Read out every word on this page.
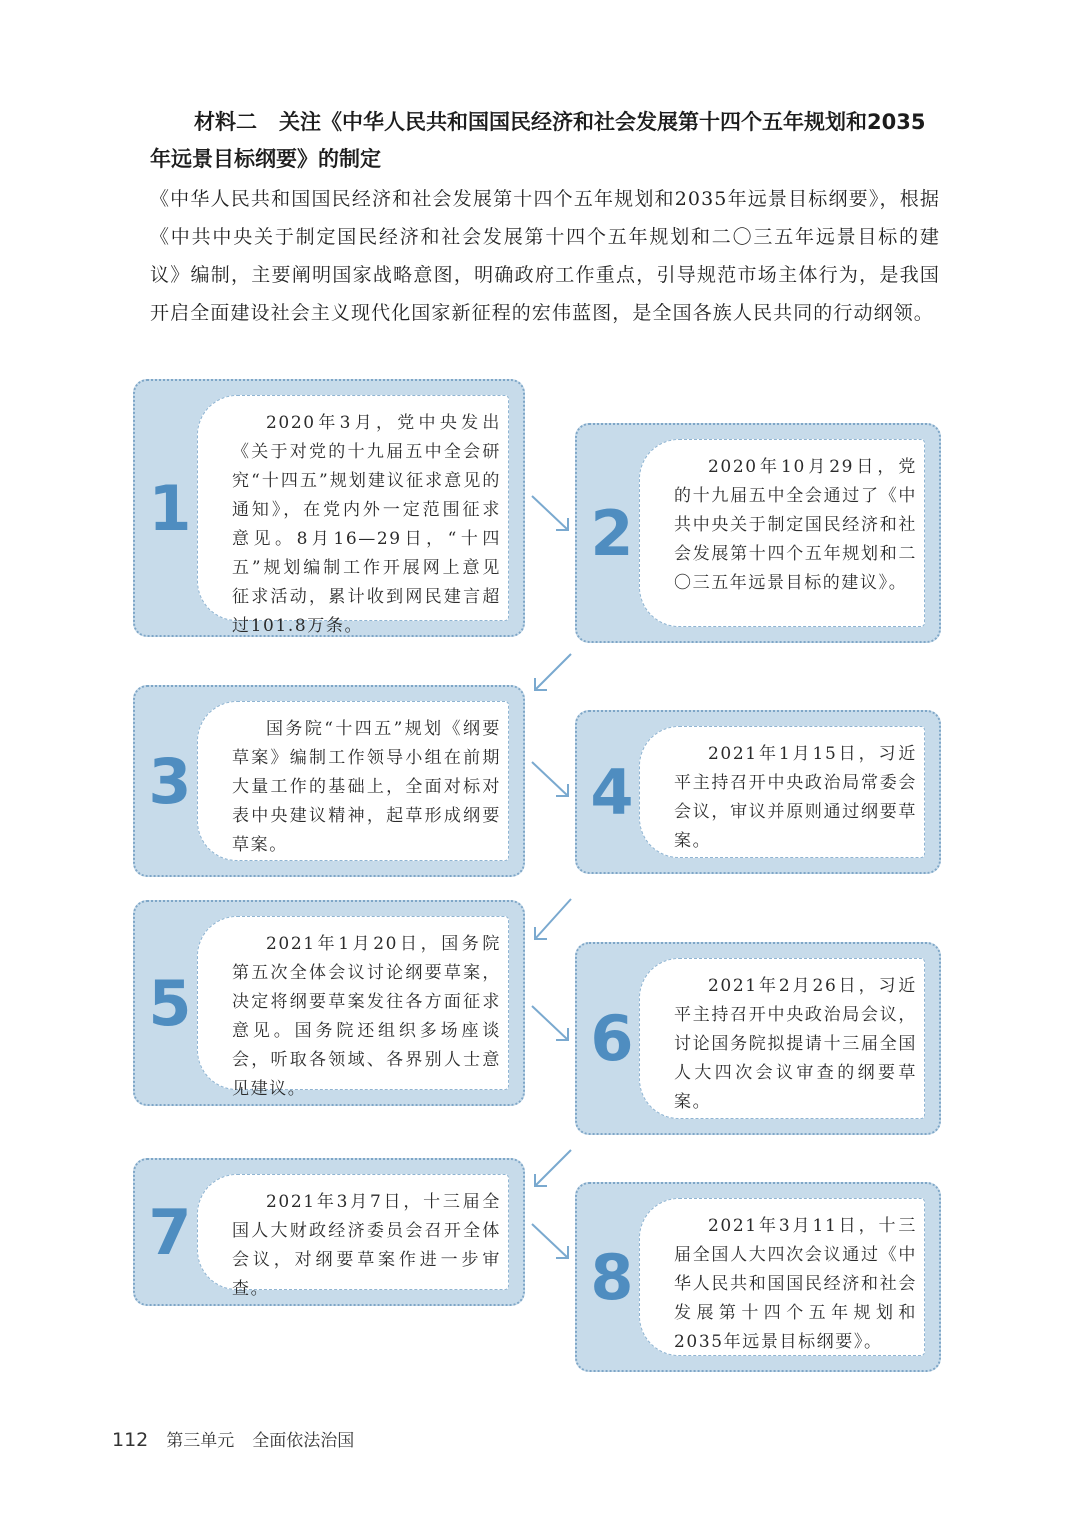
材料二 关注《中华人民共和国国民经济和社会发展第十四个五年规划和2035年远景目标纲要》的制定
《中华人民共和国国民经济和社会发展第十四个五年规划和2035年远景目标纲要》，根据《中共中央关于制定国民经济和社会发展第十四个五年规划和二〇三五年远景目标的建议》编制，主要阐明国家战略意图，明确政府工作重点，引导规范市场主体行为，是我国开启全面建设社会主义现代化国家新征程的宏伟蓝图，是全国各族人民共同的行动纲领。
1
2020年3月，党中央发出《关于对党的十九届五中全会研究“十四五”规划建议征求意见的通知》，在党内外一定范围征求意见。8月16—29日，“十四五”规划编制工作开展网上意见征求活动，累计收到网民建言超过101.8万条。
2
2020年10月29日，党的十九届五中全会通过了《中共中央关于制定国民经济和社会发展第十四个五年规划和二〇三五年远景目标的建议》。
3
国务院“十四五”规划《纲要草案》编制工作领导小组在前期大量工作的基础上，全面对标对表中央建议精神，起草形成纲要草案。
4
2021年1月15日，习近平主持召开中央政治局常委会会议，审议并原则通过纲要草案。
5
2021年1月20日，国务院第五次全体会议讨论纲要草案，决定将纲要草案发往各方面征求意见。国务院还组织多场座谈会，听取各领域、各界别人士意见建议。
6
2021年2月26日，习近平主持召开中央政治局会议，讨论国务院拟提请十三届全国人大四次会议审查的纲要草案。
7	2021年3月7日，十三届全国人大财政经济委员会召开全体会议，对纲要草案作进一步审查。	8
2021年3月11日，十三届全国人大四次会议通过《中华人民共和国国民经济和社会发展第十四个五年规划和2035年远景目标纲要》。
112 第三单元 全面依法治国
